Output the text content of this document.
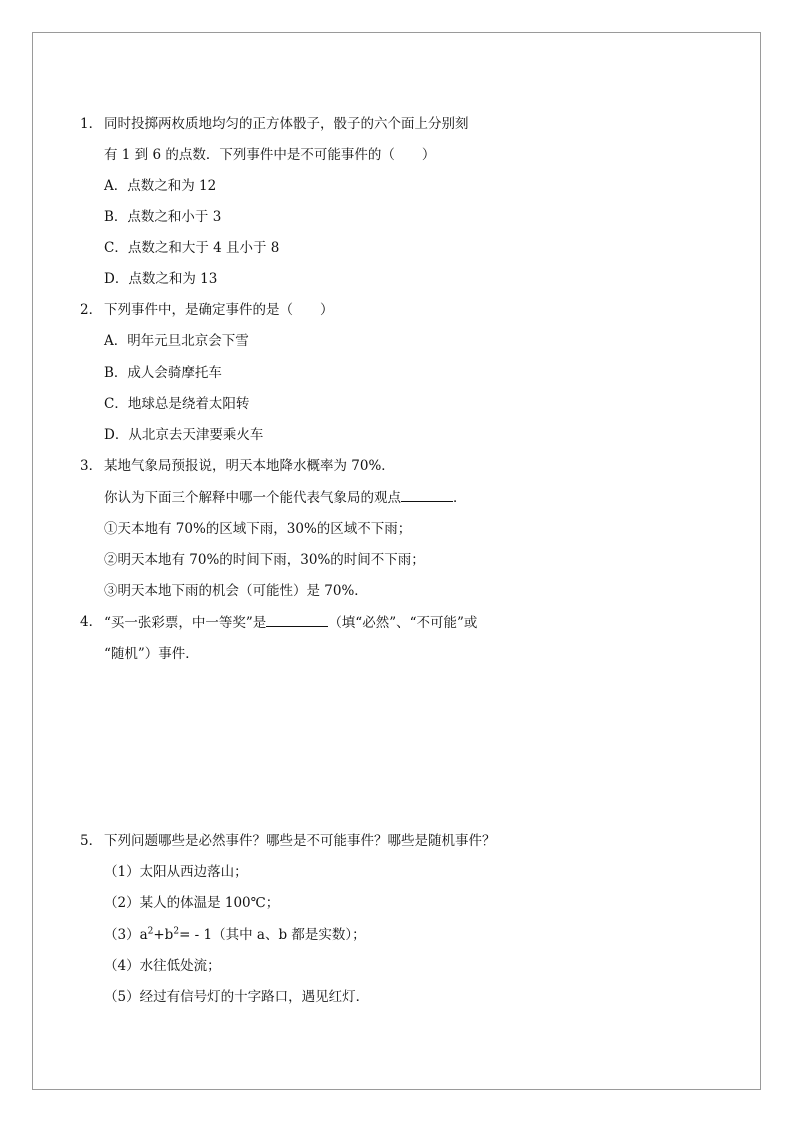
1． 同时投掷两枚质地均匀的正方体骰子，骰子的六个面上分别刻
有 1 到 6 的点数．下列事件中是不可能事件的（　　）
A．点数之和为 12
B．点数之和小于 3
C．点数之和大于 4 且小于 8
D．点数之和为 13
2． 下列事件中，是确定事件的是（　　）
A．明年元旦北京会下雪
B．成人会骑摩托车
C．地球总是绕着太阳转
D．从北京去天津要乘火车
3． 某地气象局预报说，明天本地降水概率为 70%．
你认为下面三个解释中哪一个能代表气象局的观点	．
①天本地有 70%的区域下雨，30%的区域不下雨；
②明天本地有 70%的时间下雨，30%的时间不下雨；
③明天本地下雨的机会（可能性）是 70%．
4． “买一张彩票，中一等奖”是	（填“必然”、“不可能”或
“随机”）事件．
5． 下列问题哪些是必然事件？哪些是不可能事件？哪些是随机事件？
（1）太阳从西边落山；
（2）某人的体温是 100℃；
$(3)a^2+b^2= - 1$（其中 a、b 都是实数）；
（4）水往低处流；
（5）经过有信号灯的十字路口，遇见红灯．
